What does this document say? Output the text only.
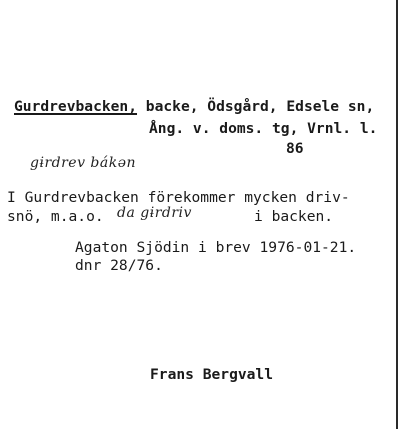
Gurdrevbacken, backe, Ödsgård, Edsele sn,
Ång. v. doms. tg, Vrnl. l.
86
gɨrdrev bákən
I Gurdrevbacken förekommer mycken driv-
snö, m.a.o. da gɨrdriv	i backen.
Agaton Sjödin i brev 1976-01-21.
dnr 28/76.
Frans Bergvall
